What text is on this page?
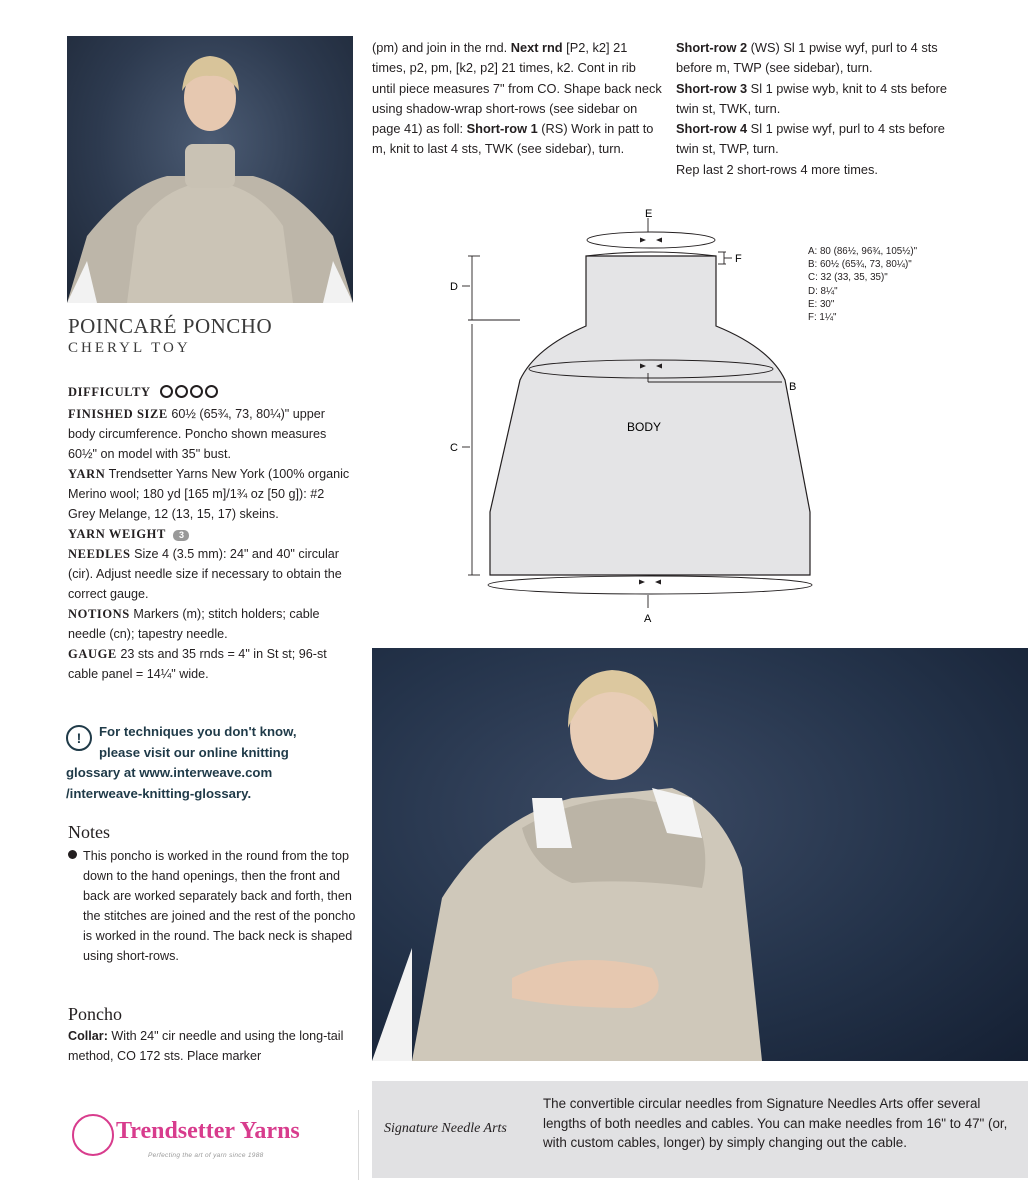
POINCARÉ PONCHO
CHERYL TOY

DIFFICULTY

FINISHED SIZE 60½ (65¾, 73, 80¼)" upper body circumference. Poncho shown measures 60½" on model with 35" bust.

YARN Trendsetter Yarns New York (100% organic Merino wool; 180 yd [165 m]/1¾ oz [50 g]): #2 Grey Melange, 12 (13, 15, 17) skeins.

YARN WEIGHT 3

NEEDLES Size 4 (3.5 mm): 24" and 40" circular (cir). Adjust needle size if necessary to obtain the correct gauge.

NOTIONS Markers (m); stitch holders; cable needle (cn); tapestry needle.

GAUGE 23 sts and 35 rnds = 4" in St st; 96-st cable panel = 14¼" wide.

!	For techniques you don't know,
please visit our online knitting
glossary at www.interweave.com
/interweave-knitting-glossary.
Notes

This poncho is worked in the round from the top down to the hand openings, then the front and back are worked separately back and forth, then the stitches are joined and the rest of the poncho is worked in the round. The back neck is shaped using short-rows.

Poncho

Collar: With 24" cir needle and using the long-tail method, CO 172 sts. Place marker

(pm) and join in the rnd. Next rnd [P2, k2] 21 times, p2, pm, [k2, p2] 21 times, k2. Cont in rib until piece measures 7" from CO. Shape back neck using shadow-wrap short-rows (see sidebar on page 41) as foll: Short-row 1 (RS) Work in patt to m, knit to last 4 sts, TWK (see sidebar), turn.

Short-row 2 (WS) Sl 1 pwise wyf, purl to 4 sts before m, TWP (see sidebar), turn.

Short-row 3 Sl 1 pwise wyb, knit to 4 sts before twin st, TWK, turn.

Short-row 4 Sl 1 pwise wyf, purl to 4 sts before twin st, TWP, turn.

Rep last 2 short-rows 4 more times.

E
F
D
C
B
BODY
A
A: 80 (86½, 96¾, 105½)"
B: 60½ (65¾, 73, 80¼)"
C: 32 (33, 35, 35)"
D: 8¼"
E: 30"
F: 1¼"
Trendsetter Yarns
Perfecting the art of yarn since 1988
Signature Needle Arts

The convertible circular needles from Signature Needles Arts offer several lengths of both needles and cables. You can make needles from 16" to 47" (or, with custom cables, longer) by simply changing out the cable.
